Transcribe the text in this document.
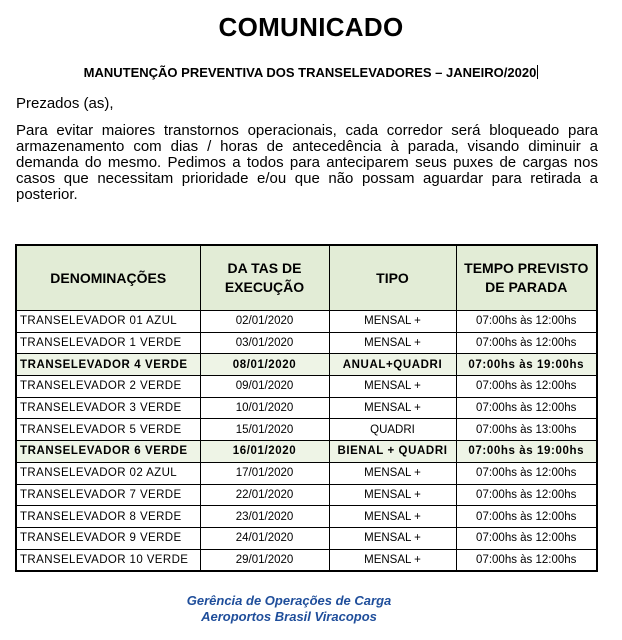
COMUNICADO
MANUTENÇÃO PREVENTIVA DOS TRANSELEVADORES – JANEIRO/2020
Prezados (as),
Para evitar maiores transtornos operacionais, cada corredor será bloqueado para armazenamento com dias / horas de antecedência à parada, visando diminuir a demanda do mesmo. Pedimos a todos para anteciparem seus puxes de cargas nos casos que necessitam prioridade e/ou que não possam aguardar para retirada a posterior.
DENOMINAÇÕES	DA TAS DE EXECUÇÃO	TIPO	TEMPO PREVISTO DE PARADA
TRANSELEVADOR 01 AZUL	02/01/2020	MENSAL +	07:00hs às 12:00hs
TRANSELEVADOR 1 VERDE	03/01/2020	MENSAL +	07:00hs às 12:00hs
TRANSELEVADOR 4 VERDE	08/01/2020	ANUAL+QUADRI	07:00hs às 19:00hs
TRANSELEVADOR 2 VERDE	09/01/2020	MENSAL +	07:00hs às 12:00hs
TRANSELEVADOR 3 VERDE	10/01/2020	MENSAL +	07:00hs às 12:00hs
TRANSELEVADOR 5 VERDE	15/01/2020	QUADRI	07:00hs às 13:00hs
TRANSELEVADOR 6 VERDE	16/01/2020	BIENAL + QUADRI	07:00hs às 19:00hs
TRANSELEVADOR 02 AZUL	17/01/2020	MENSAL +	07:00hs às 12:00hs
TRANSELEVADOR 7 VERDE	22/01/2020	MENSAL +	07:00hs às 12:00hs
TRANSELEVADOR 8 VERDE	23/01/2020	MENSAL +	07:00hs às 12:00hs
TRANSELEVADOR 9 VERDE	24/01/2020	MENSAL +	07:00hs às 12:00hs
TRANSELEVADOR 10 VERDE	29/01/2020	MENSAL +	07:00hs às 12:00hs
Gerência de Operações de Carga
Aeroportos Brasil Viracopos
